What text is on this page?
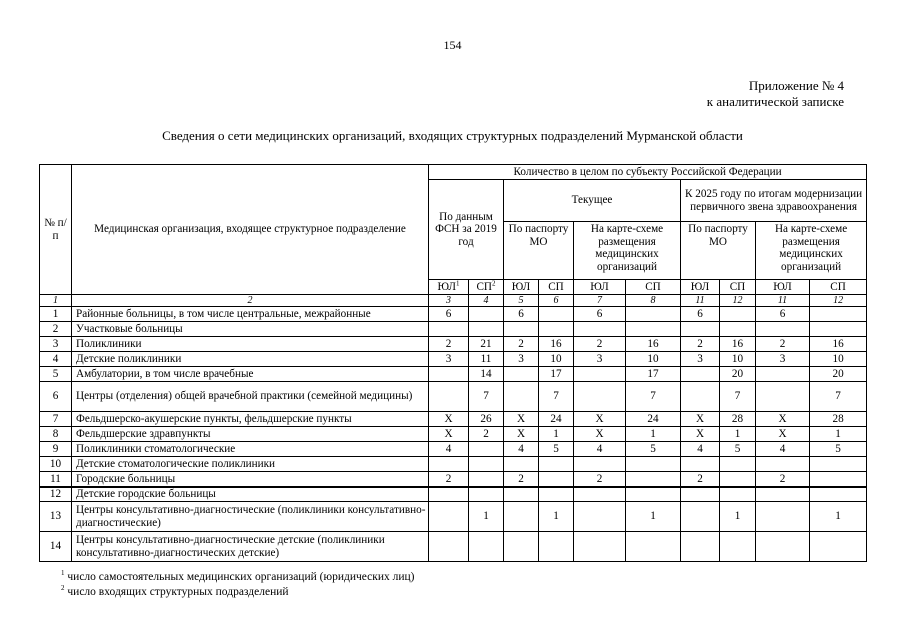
154
Приложение № 4
к аналитической записке
Сведения о сети медицинских организаций, входящих структурных подразделений Мурманской области
№ п/п	Медицинская организация, входящее структурное подразделение	Количество в целом по субъекту Российской Федерации									
		По данным ФСН за 2019 год		Текущее				К 2025 году по итогам модернизации первичного звена здравоохранения			
				По паспорту МО		На карте-схеме размещения медицинских организаций		По паспорту МО		На карте-схеме размещения медицинских организаций	
		$ЮЛ^1$	$СП^2$	ЮЛ	СП	ЮЛ	СП	ЮЛ	СП	ЮЛ	СП
1	2	3	4	5	6	7	8	11	12	11	12
1	Районные больницы, в том числе центральные, межрайонные	6		6		6		6		6	
2	Участковые больницы										
3	Поликлиники	2	21	2	16	2	16	2	16	2	16
4	Детские поликлиники	3	11	3	10	3	10	3	10	3	10
5	Амбулатории, в том числе врачебные		14		17		17		20		20
6	Центры (отделения) общей врачебной практики (семейной медицины)		7		7		7		7		7
7	Фельдшерско-акушерские пункты, фельдшерские пункты	Х	26	Х	24	Х	24	Х	28	Х	28
8	Фельдшерские здравпункты	Х	2	Х	1	Х	1	Х	1	Х	1
9	Поликлиники стоматологические	4		4	5	4	5	4	5	4	5
10	Детские стоматологические поликлиники										
11	Городские больницы	2		2		2		2		2	
12	Детские городские больницы										
13	Центры консультативно-диагностические (поликлиники консультативно-диагностические)		1		1		1		1		1
14	Центры консультативно-диагностические детские (поликлиники консультативно-диагностических детские)										
$^1$ число самостоятельных медицинских организаций (юридических лиц)
$^2$ число входящих структурных подразделений
